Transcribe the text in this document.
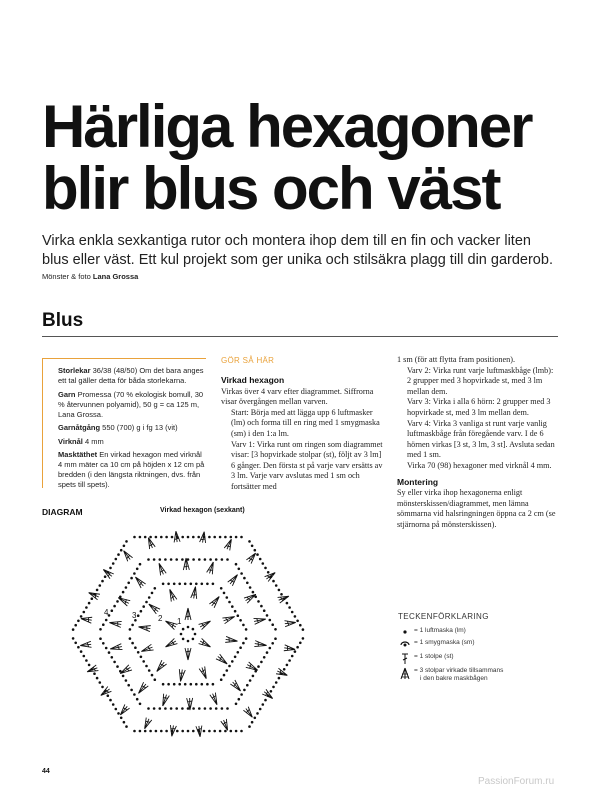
Härliga hexagoner
blir blus och väst
Virka enkla sexkantiga rutor och montera ihop dem till en fin och vacker liten
blus eller väst. Ett kul projekt som ger unika och stilsäkra plagg till din garderob.
Mönster & foto Lana Grossa
Blus

Storlekar 36/38 (48/50) Om det bara anges ett tal gäller detta för båda storlekarna.

Garn Promessa (70 % ekologisk bomull, 30 % återvunnen polyamid), 50 g = ca 125 m, Lana Grossa.

Garnåtgång 550 (700) g i fg 13 (vit)

Virknål 4 mm

Masktäthet En virkad hexagon med virknål 4 mm mäter ca 10 cm på höjden x 12 cm på bredden (i den längsta riktningen, dvs. från spets till spets).

GÖR SÅ HÄR
Virkad hexagon

Virkas över 4 varv efter diagrammet. Siffrorna visar övergången mellan varven.

Start: Börja med att lägga upp 6 luftmasker (lm) och forma till en ring med 1 smygmaska (sm) i den 1:a lm.

Varv 1: Virka runt om ringen som diagrammet visar: [3 hopvirkade stolpar (st), följt av 3 lm] 6 gånger. Den första st på varje varv ersätts av 3 lm. Varje varv avslutas med 1 sm och fortsätter med

1 sm (för att flytta fram positionen).

Varv 2: Virka runt varje luftmaskbåge (lmb): 2 grupper med 3 hopvirkade st, med 3 lm mellan dem.

Varv 3: Virka i alla 6 hörn: 2 grupper med 3 hopvirkade st, med 3 lm mellan dem.

Varv 4: Virka 3 vanliga st runt varje vanlig luftmaskbåge från föregående varv. I de 6 hörnen virkas [3 st, 3 lm, 3 st]. Avsluta sedan med 1 sm.

Virka 70 (98) hexagoner med virknål 4 mm.

Montering

Sy eller virka ihop hexagonerna enligt mönsterskissen/diagrammet, men lämna sömmarna vid halsringningen öppna ca 2 cm (se stjärnorna på mönsterskissen).

DIAGRAM	Virkad hexagon (sexkant)
4	3	2 1
TECKENFÖRKLARING
= 1 luftmaska (lm)
= 1 smygmaska (sm)
= 1 stolpe (st)
= 3 stolpar virkade tillsammans
i den bakre maskbågen
44
PassionForum.ru
